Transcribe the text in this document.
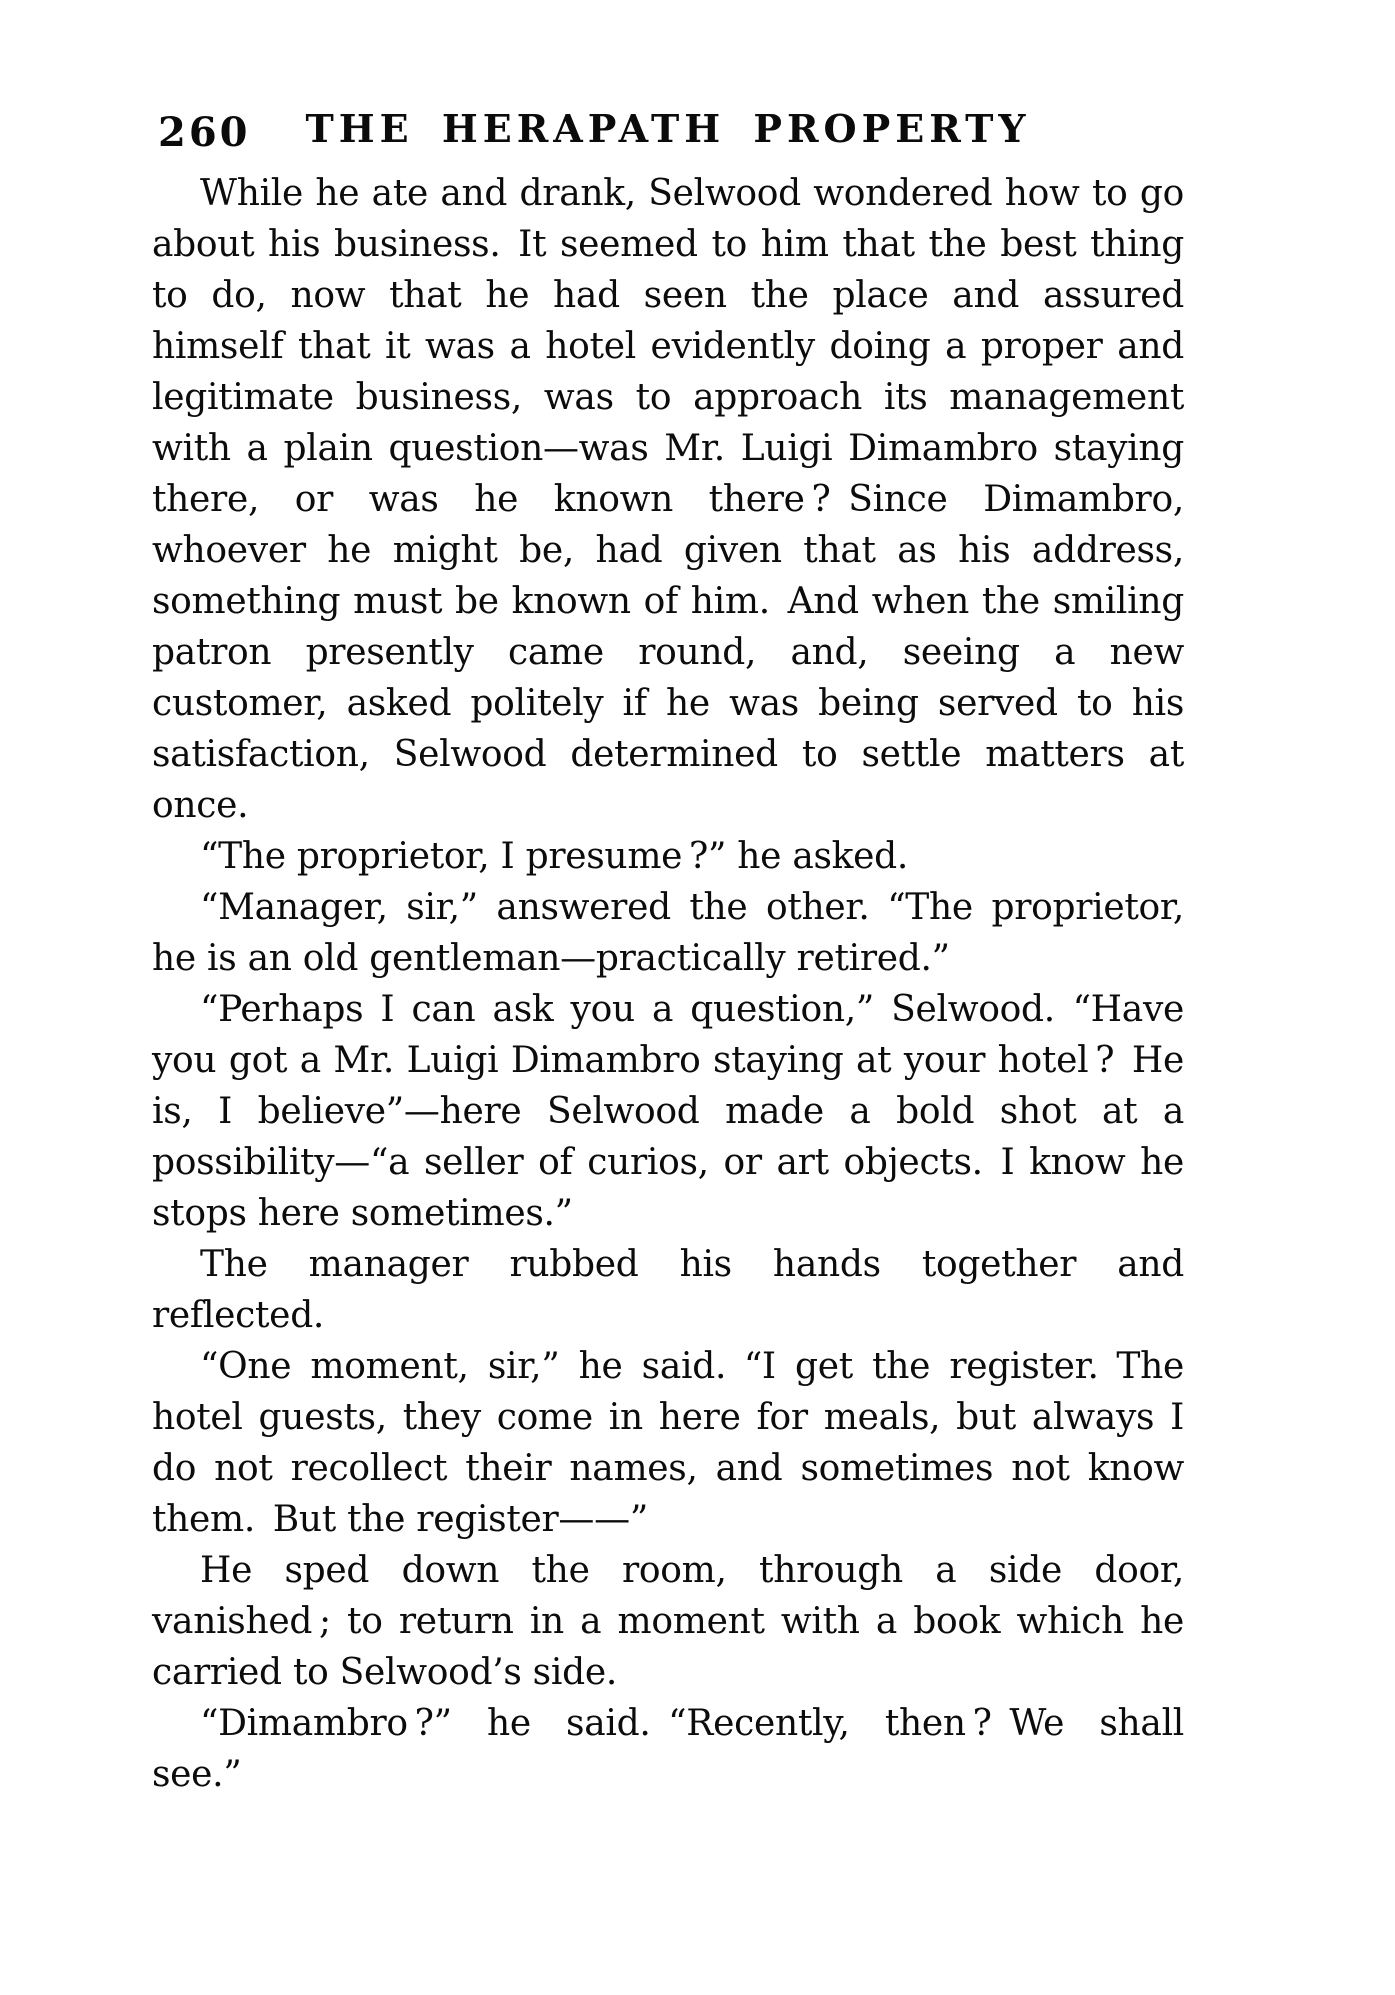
260	THE HERAPATH PROPERTY

While he ate and drank, Selwood wondered how to go about his business. It seemed to him that the best thing to do, now that he had seen the place and assured himself that it was a hotel evidently doing a proper and legitimate business, was to approach its management with a plain question—was Mr. Luigi Dimambro staying there, or was he known there ? Since Dimambro, whoever he might be, had given that as his address, something must be known of him. And when the smiling patron presently came round, and, seeing a new customer, asked politely if he was being served to his satisfaction, Selwood determined to settle matters at once.

“The proprietor, I presume ?” he asked.

“Manager, sir,” answered the other. “The proprietor, he is an old gentleman—practically retired.”

“Perhaps I can ask you a question,” Selwood. “Have you got a Mr. Luigi Dimambro staying at your hotel ? He is, I believe”—here Selwood made a bold shot at a possibility—“a seller of curios, or art objects. I know he stops here sometimes.”

The manager rubbed his hands together and reflected.

“One moment, sir,” he said. “I get the register. The hotel guests, they come in here for meals, but always I do not recollect their names, and sometimes not know them. But the register——”

He sped down the room, through a side door, vanished ; to return in a moment with a book which he carried to Selwood’s side.

“Dimambro ?” he said. “Recently, then ? We shall see.”
